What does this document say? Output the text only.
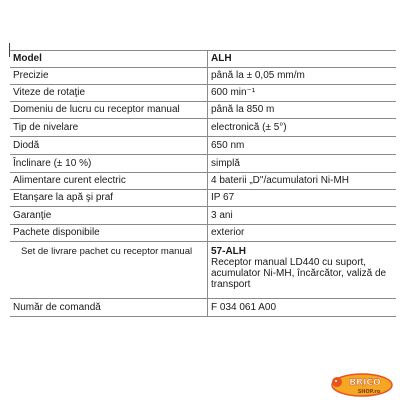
Model	ALH
Precizie	până la ± 0,05 mm/m
Viteze de rotaţie	600 min⁻¹
Domeniu de lucru cu receptor manual	până la 850 m
Tip de nivelare	electronică (± 5°)
Diodă	650 nm
Înclinare (± 10 %)	simplă
Alimentare curent electric	4 baterii „D"/acumulatori Ni-MH
Etanşare la apă şi praf	IP 67
Garanţie	3 ani
Pachete disponibile	exterior
Set de livrare pachet cu receptor manual	57-ALH
Receptor manual LD440 cu suport, acumulator Ni-MH, încărcător, valiză de transport

Număr de comandă	F 034 061 A00
BRICO
SHOP.ro
